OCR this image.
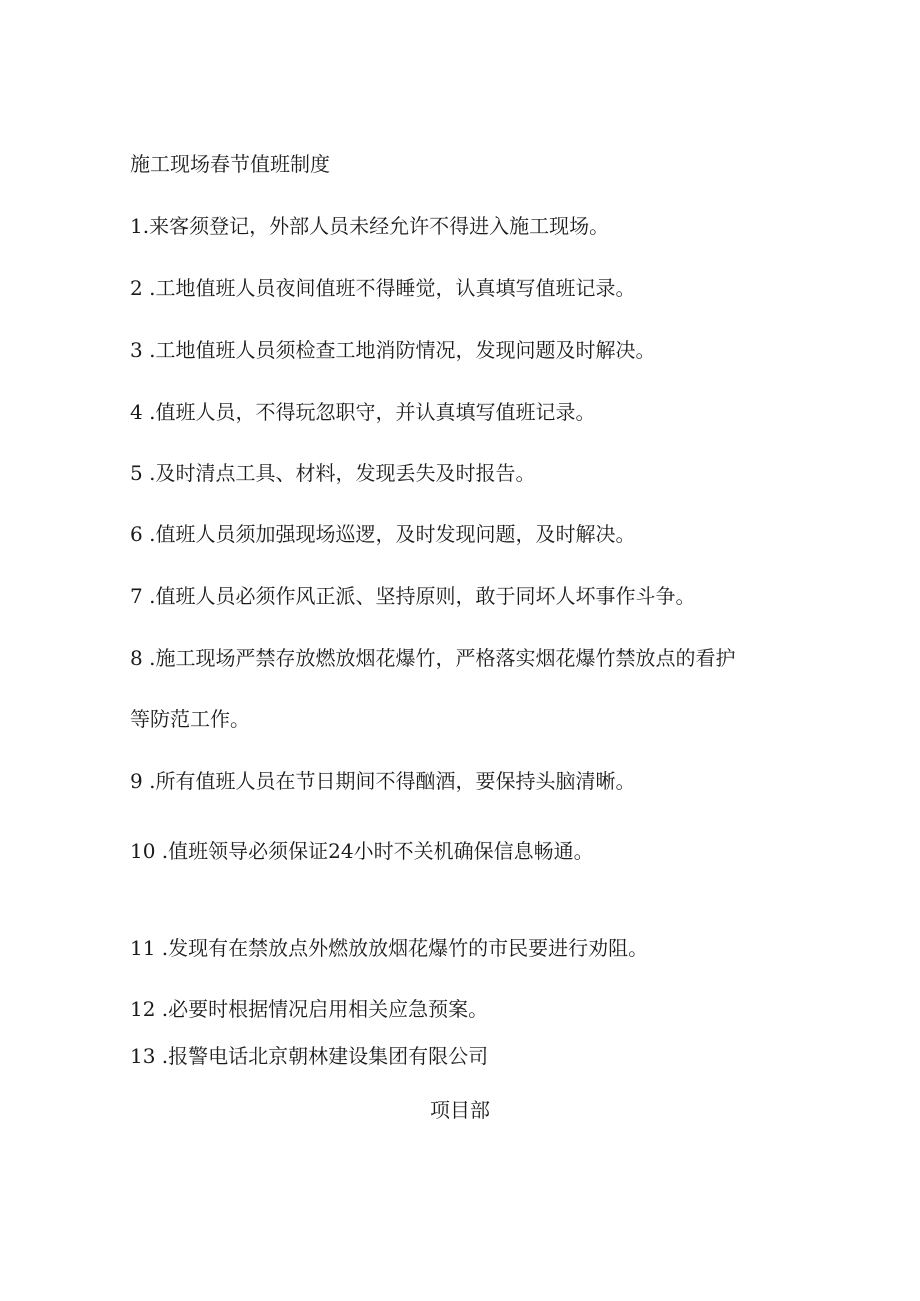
施工现场春节值班制度
1.来客须登记，外部人员未经允许不得进入施工现场。
2 .工地值班人员夜间值班不得睡觉，认真填写值班记录。
3 .工地值班人员须检查工地消防情况，发现问题及时解决。
4 .值班人员，不得玩忽职守，并认真填写值班记录。
5 .及时清点工具、材料，发现丢失及时报告。
6 .值班人员须加强现场巡逻，及时发现问题，及时解决。
7 .值班人员必须作风正派、坚持原则，敢于同坏人坏事作斗争。
8 .施工现场严禁存放燃放烟花爆竹，严格落实烟花爆竹禁放点的看护
等防范工作。
9 .所有值班人员在节日期间不得酗酒，要保持头脑清晰。
10 .值班领导必须保证24小时不关机确保信息畅通。
11 .发现有在禁放点外燃放放烟花爆竹的市民要进行劝阻。
12 .必要时根据情况启用相关应急预案。
13 .报警电话北京朝林建设集团有限公司
项目部
